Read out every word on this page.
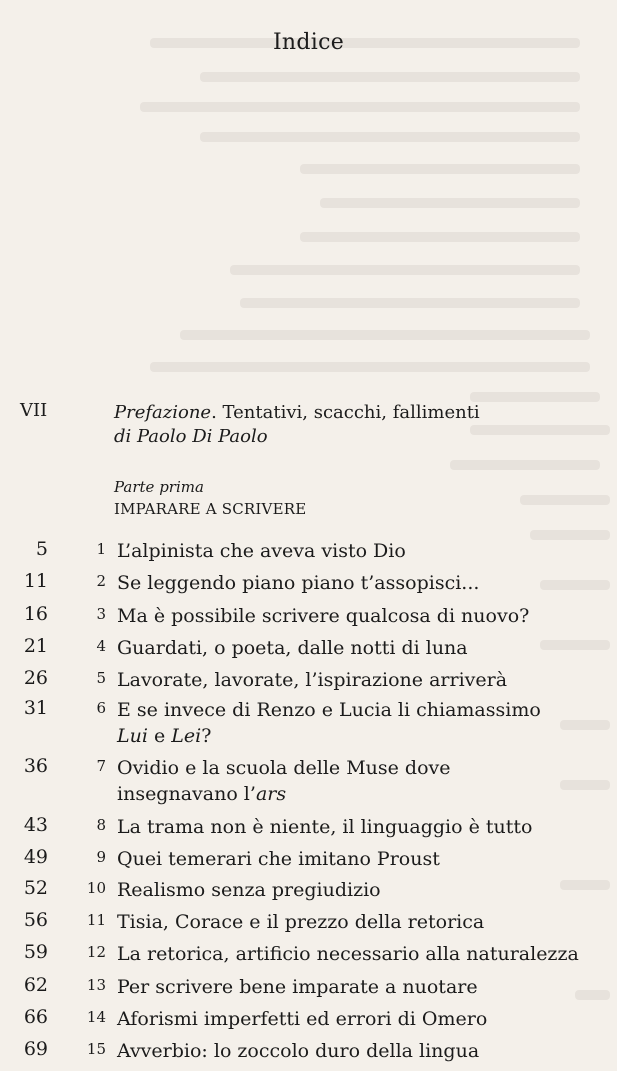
Indice
VII	Prefazione. Tentativi, scacchi, fallimenti
di Paolo Di Paolo
Parte prima
IMPARARE A SCRIVERE
5	1 L’alpinista che aveva visto Dio
11	2 Se leggendo piano piano t’assopisci...
16	3 Ma è possibile scrivere qualcosa di nuovo?
21	4 Guardati, o poeta, dalle notti di luna
26	5 Lavorate, lavorate, l’ispirazione arriverà
31	6 E se invece di Renzo e Lucia li chiamassimo
Lui e Lei?
36	7 Ovidio e la scuola delle Muse dove
insegnavano l’ars
43	8 La trama non è niente, il linguaggio è tutto
49	9 Quei temerari che imitano Proust
52	10 Realismo senza pregiudizio
56	11 Tisia, Corace e il prezzo della retorica
59	12 La retorica, artificio necessario alla naturalezza
62	13 Per scrivere bene imparate a nuotare
66	14 Aforismi imperfetti ed errori di Omero
69	15 Avverbio: lo zoccolo duro della lingua
